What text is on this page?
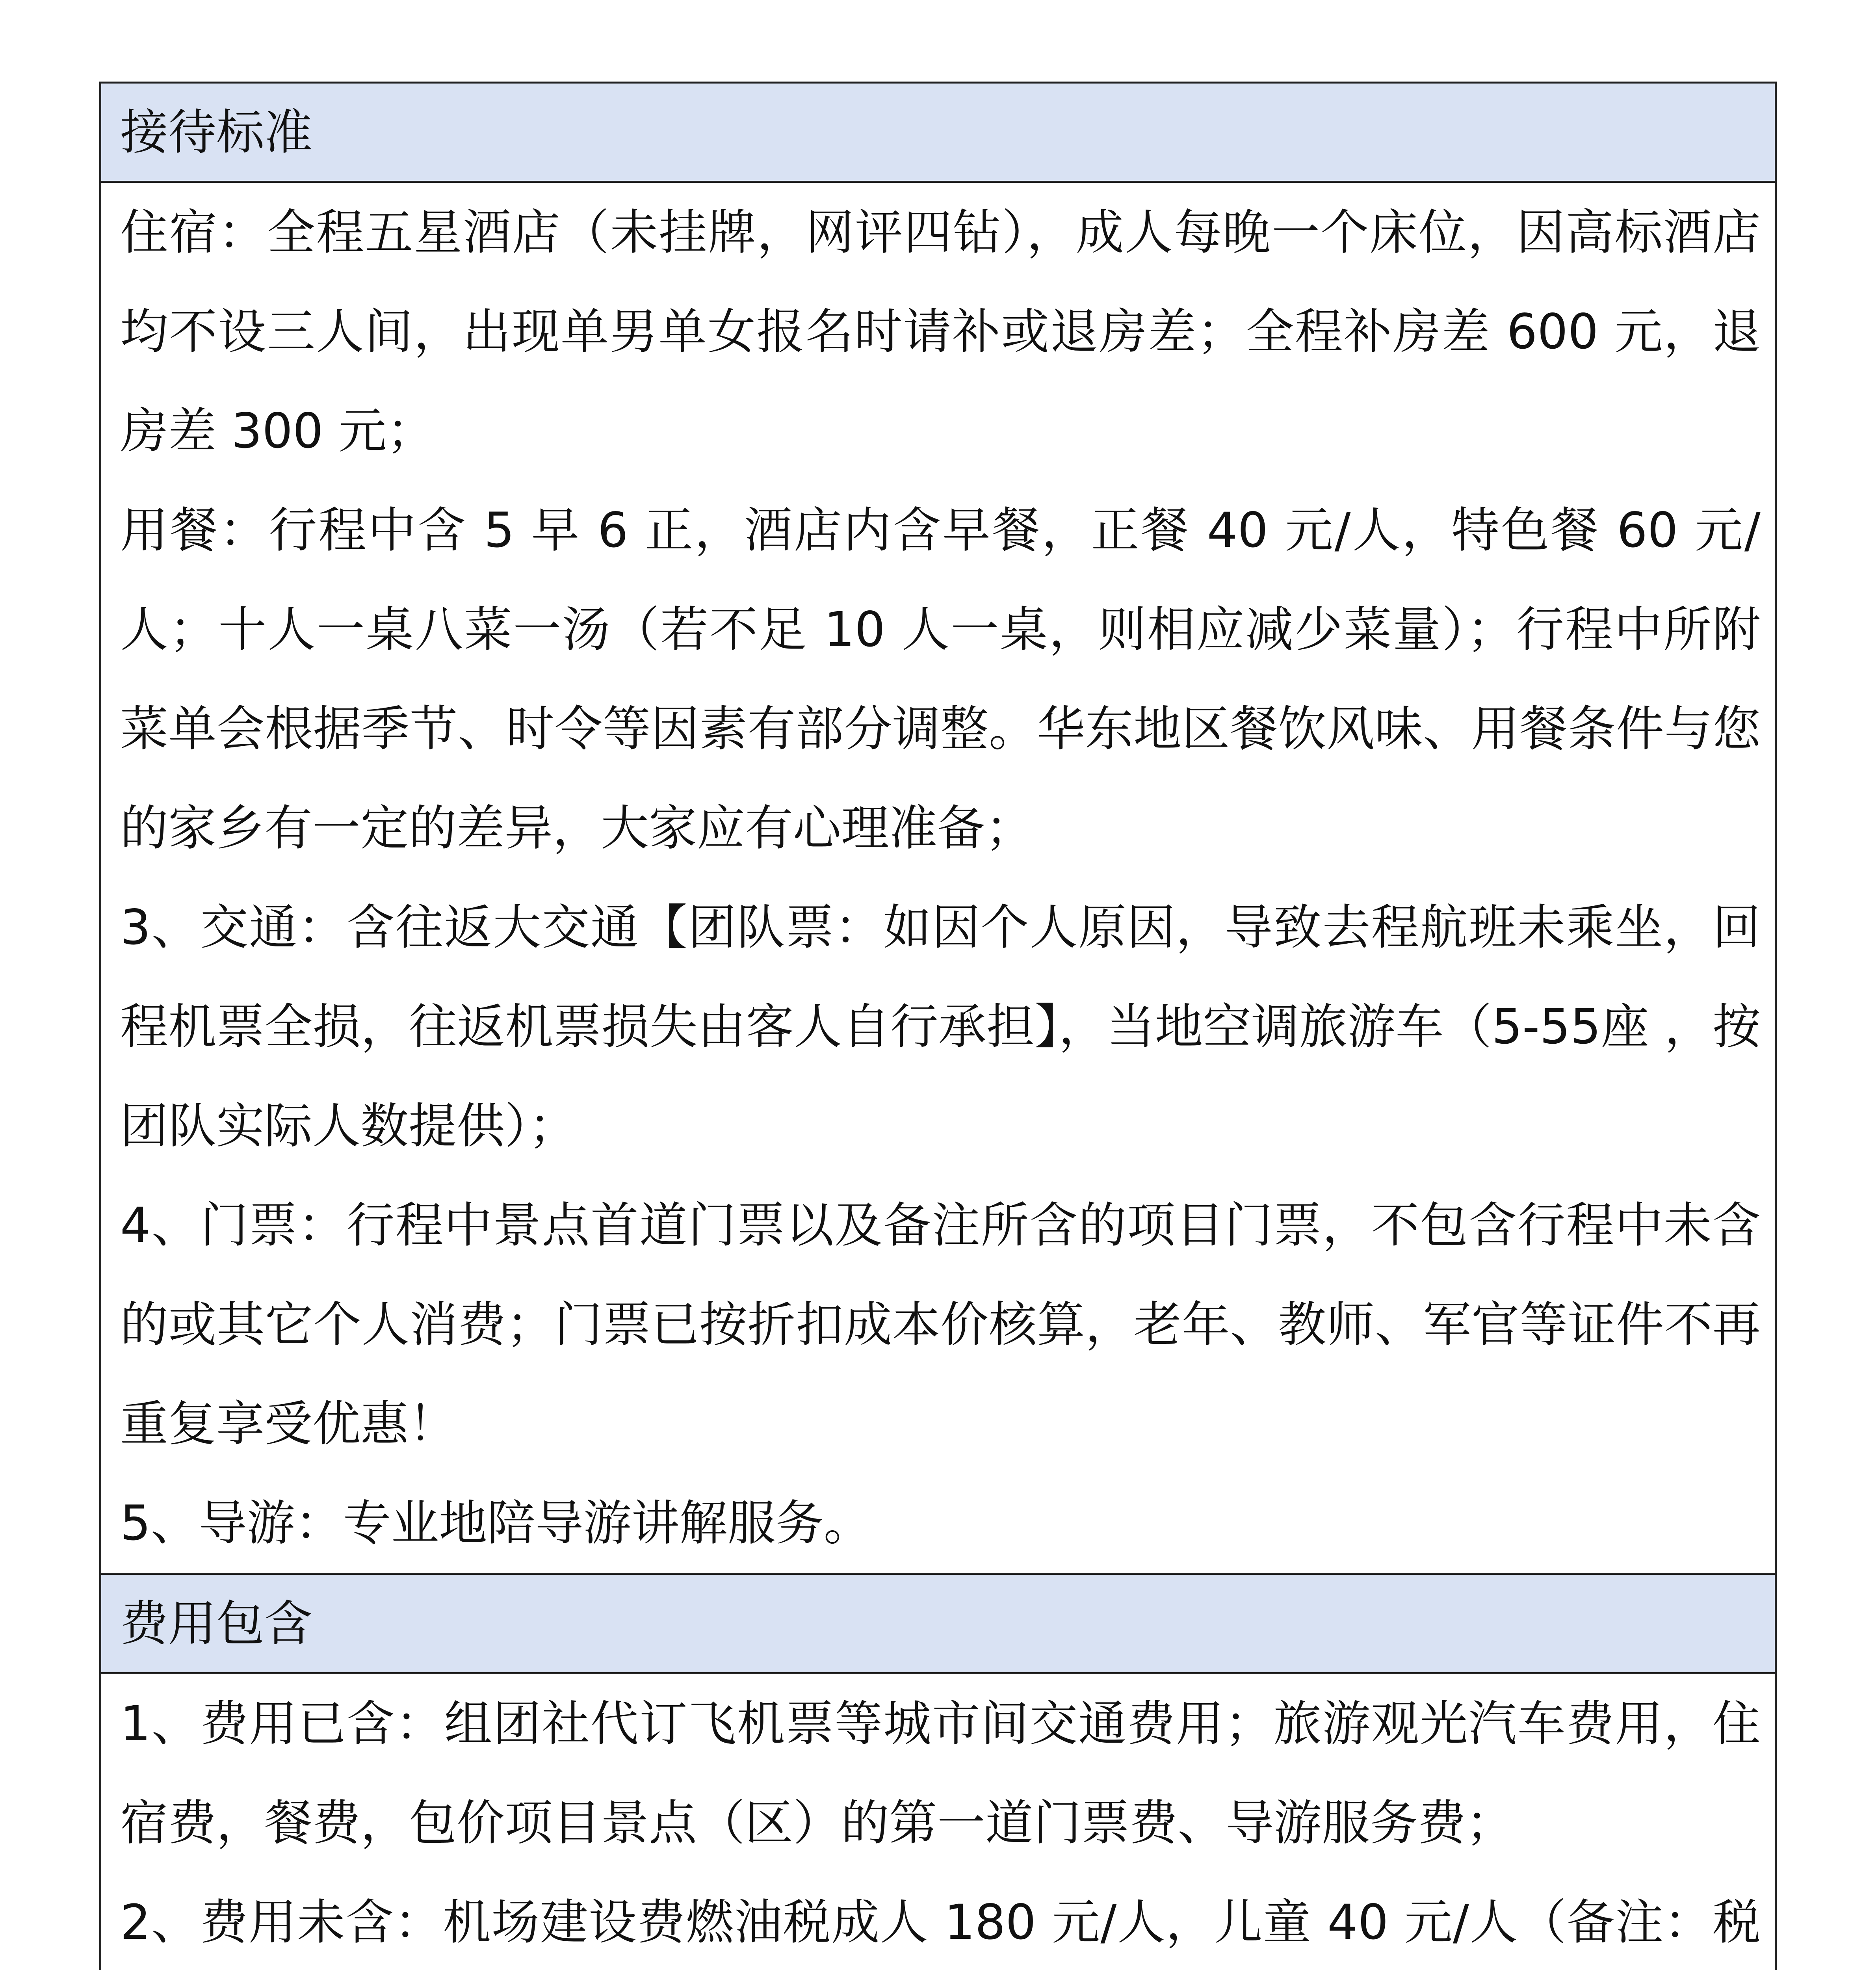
接待标准

住宿：全程五星酒店（未挂牌，网评四钻），成人每晚一个床位，因高标酒店均不设三人间，出现单男单女报名时请补或退房差；全程补房差 600 元，退房差 300 元；

用餐：行程中含 5 早 6 正，酒店内含早餐，正餐 40 元/人，特色餐 60 元/人；十人一桌八菜一汤（若不足 10 人一桌，则相应减少菜量）；行程中所附菜单会根据季节、时令等因素有部分调整。华东地区餐饮风味、用餐条件与您的家乡有一定的差异，大家应有心理准备；

3、交通：含往返大交通【团队票：如因个人原因，导致去程航班未乘坐，回程机票全损，往返机票损失由客人自行承担】，当地空调旅游车（5-55座 ，按团队实际人数提供）；

4、门票：行程中景点首道门票以及备注所含的项目门票，不包含行程中未含的或其它个人消费；门票已按折扣成本价核算，老年、教师、军官等证件不再重复享受优惠！

5、导游：专业地陪导游讲解服务。

费用包含

1、费用已含：组团社代订飞机票等城市间交通费用；旅游观光汽车费用，住宿费，餐费，包价项目景点（区）的第一道门票费、导游服务费；

2、费用未含：机场建设费燃油税成人 180 元/人，儿童 40 元/人（备注：税
